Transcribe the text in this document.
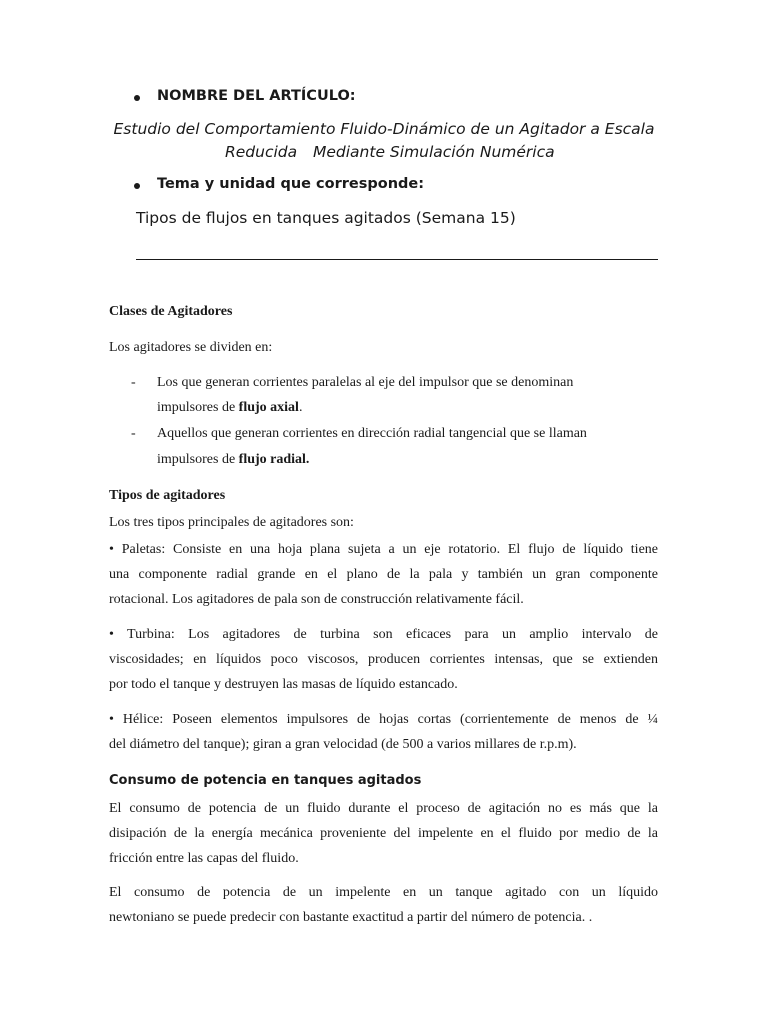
NOMBRE DEL ARTÍCULO:
Estudio del Comportamiento Fluido-Dinámico de un Agitador a Escala
Reducida Mediante Simulación Numérica
Tema y unidad que corresponde:
Tipos de flujos en tanques agitados (Semana 15)
Clases de Agitadores
Los agitadores se dividen en:
- Los que generan corrientes paralelas al eje del impulsor que se denominan
impulsores de flujo axial.
- Aquellos que generan corrientes en dirección radial tangencial que se llaman
impulsores de flujo radial.
Tipos de agitadores
Los tres tipos principales de agitadores son:
• Paletas: Consiste en una hoja plana sujeta a un eje rotatorio. El flujo de líquido tiene
una componente radial grande en el plano de la pala y también un gran componente
rotacional. Los agitadores de pala son de construcción relativamente fácil.
• Turbina: Los agitadores de turbina son eficaces para un amplio intervalo de
viscosidades; en líquidos poco viscosos, producen corrientes intensas, que se extienden
por todo el tanque y destruyen las masas de líquido estancado.
• Hélice: Poseen elementos impulsores de hojas cortas (corrientemente de menos de ¼
del diámetro del tanque); giran a gran velocidad (de 500 a varios millares de r.p.m).
Consumo de potencia en tanques agitados
El consumo de potencia de un fluido durante el proceso de agitación no es más que la
disipación de la energía mecánica proveniente del impelente en el fluido por medio de la
fricción entre las capas del fluido.
El consumo de potencia de un impelente en un tanque agitado con un líquido
newtoniano se puede predecir con bastante exactitud a partir del número de potencia. .
